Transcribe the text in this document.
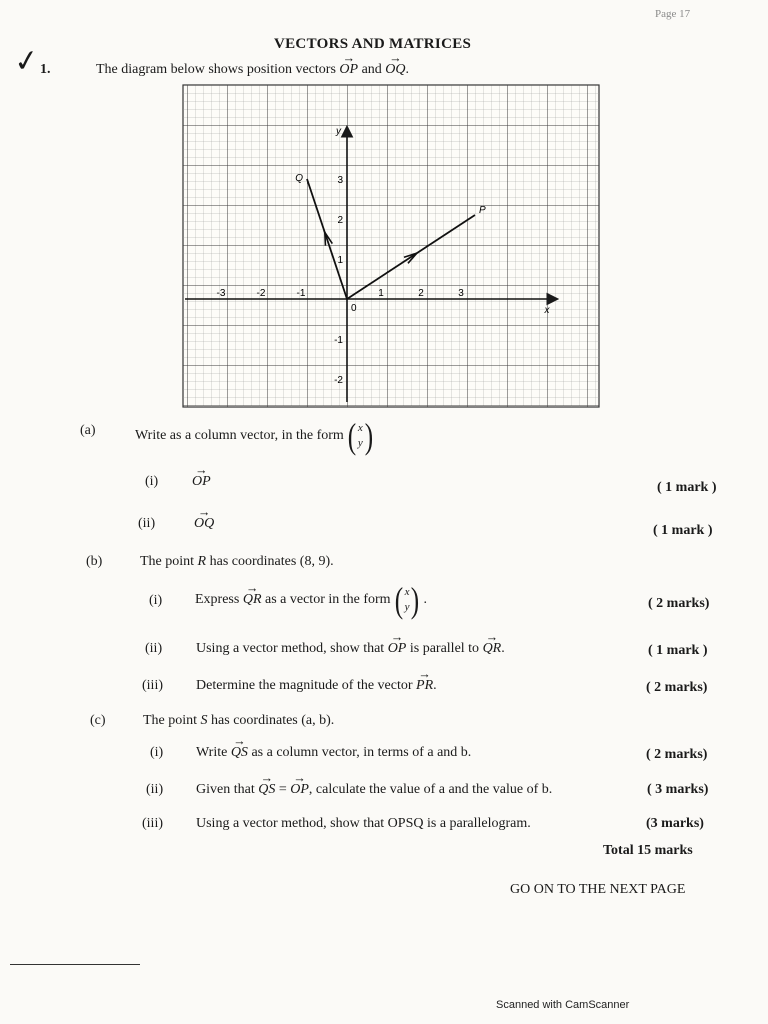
Page 17
VECTORS AND MATRICES
✓
1.	The diagram below shows position vectors → OP and → OQ.
-3	-2	-1	1	2	3
3
2
1
-1
-2
0	x
y
P
Q
(a)	Write as a column vector, in the form ( x
y )
(i) → OP	( 1 mark )
(ii)	→ OQ	( 1 mark )
(b)	The point R has coordinates (8, 9).
(i) Express
→ QR
as a vector in the form ( x
y ) .	( 2 marks)
(ii) Using a vector method, show that → OP is parallel to → QR.	( 1 mark )
(iii) Determine the magnitude of the vector → PR.	( 2 marks)
(c)	The point S has coordinates (a, b).
(i) Write → QS as a column vector, in terms of a and b.	( 2 marks)
(ii) Given that → QS = → OP, calculate the value of a and the value of b.	( 3 marks)
(iii) Using a vector method, show that OPSQ is a parallelogram.	(3 marks)
Total 15 marks
GO ON TO THE NEXT PAGE
Scanned with CamScanner
